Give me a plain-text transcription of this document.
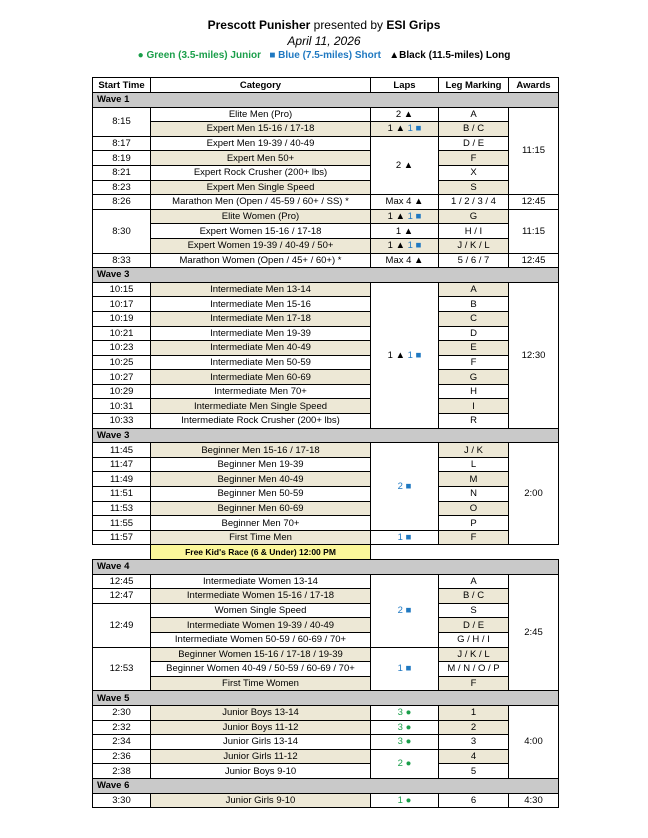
Prescott Punisher presented by ESI Grips
April 11, 2026
● Green (3.5-miles) Junior ■ Blue (7.5-miles) Short ▲Black (11.5-miles) Long
Start Time	Category	Laps	Leg Marking	Awards
Wave 1				
8:15	Elite Men (Pro)	2 ▲	A	11:15
	Expert Men 15-16 / 17-18	1 ▲ 1 ■	B / C	
8:17	Expert Men 19-39 / 40-49	2 ▲	D / E	
8:19	Expert Men 50+		F	
8:21	Expert Rock Crusher (200+ lbs)		X	
8:23	Expert Men Single Speed		S	
8:26	Marathon Men (Open / 45-59 / 60+ / SS) *	Max 4 ▲	1 / 2 / 3 / 4	12:45
8:30	Elite Women (Pro)	1 ▲ 1 ■	G	11:15
	Expert Women 15-16 / 17-18	1 ▲	H / I	
	Expert Women 19-39 / 40-49 / 50+	1 ▲ 1 ■	J / K / L	
8:33	Marathon Women (Open / 45+ / 60+) *	Max 4 ▲	5 / 6 / 7	12:45
Wave 3				
10:15	Intermediate Men 13-14	1 ▲ 1 ■	A	12:30
10:17	Intermediate Men 15-16		B	
10:19	Intermediate Men 17-18		C	
10:21	Intermediate Men 19-39		D	
10:23	Intermediate Men 40-49		E	
10:25	Intermediate Men 50-59		F	
10:27	Intermediate Men 60-69		G	
10:29	Intermediate Men 70+		H	
10:31	Intermediate Men Single Speed		I	
10:33	Intermediate Rock Crusher (200+ lbs)		R	
Wave 3				
11:45	Beginner Men 15-16 / 17-18	2 ■	J / K	2:00
11:47	Beginner Men 19-39		L	
11:49	Beginner Men 40-49		M	
11:51	Beginner Men 50-59		N	
11:53	Beginner Men 60-69		O	
11:55	Beginner Men 70+		P	
11:57	First Time Men	1 ■	F	
	Free Kid's Race (6 & Under) 12:00 PM			
Wave 4				
12:45	Intermediate Women 13-14	2 ■	A	2:45
12:47	Intermediate Women 15-16 / 17-18		B / C	
12:49	Women Single Speed		S	
	Intermediate Women 19-39 / 40-49		D / E	
	Intermediate Women 50-59 / 60-69 / 70+		G / H / I	
12:53	Beginner Women 15-16 / 17-18 / 19-39	1 ■	J / K / L	
	Beginner Women 40-49 / 50-59 / 60-69 / 70+		M / N / O / P	
	First Time Women		F	
Wave 5				
2:30	Junior Boys 13-14	3 ●	1	4:00
2:32	Junior Boys 11-12	3 ●	2	
2:34	Junior Girls 13-14	3 ●	3	
2:36	Junior Girls 11-12	2 ●	4	
2:38	Junior Boys 9-10		5	
Wave 6				
3:30	Junior Girls 9-10	1 ●	6	4:30
